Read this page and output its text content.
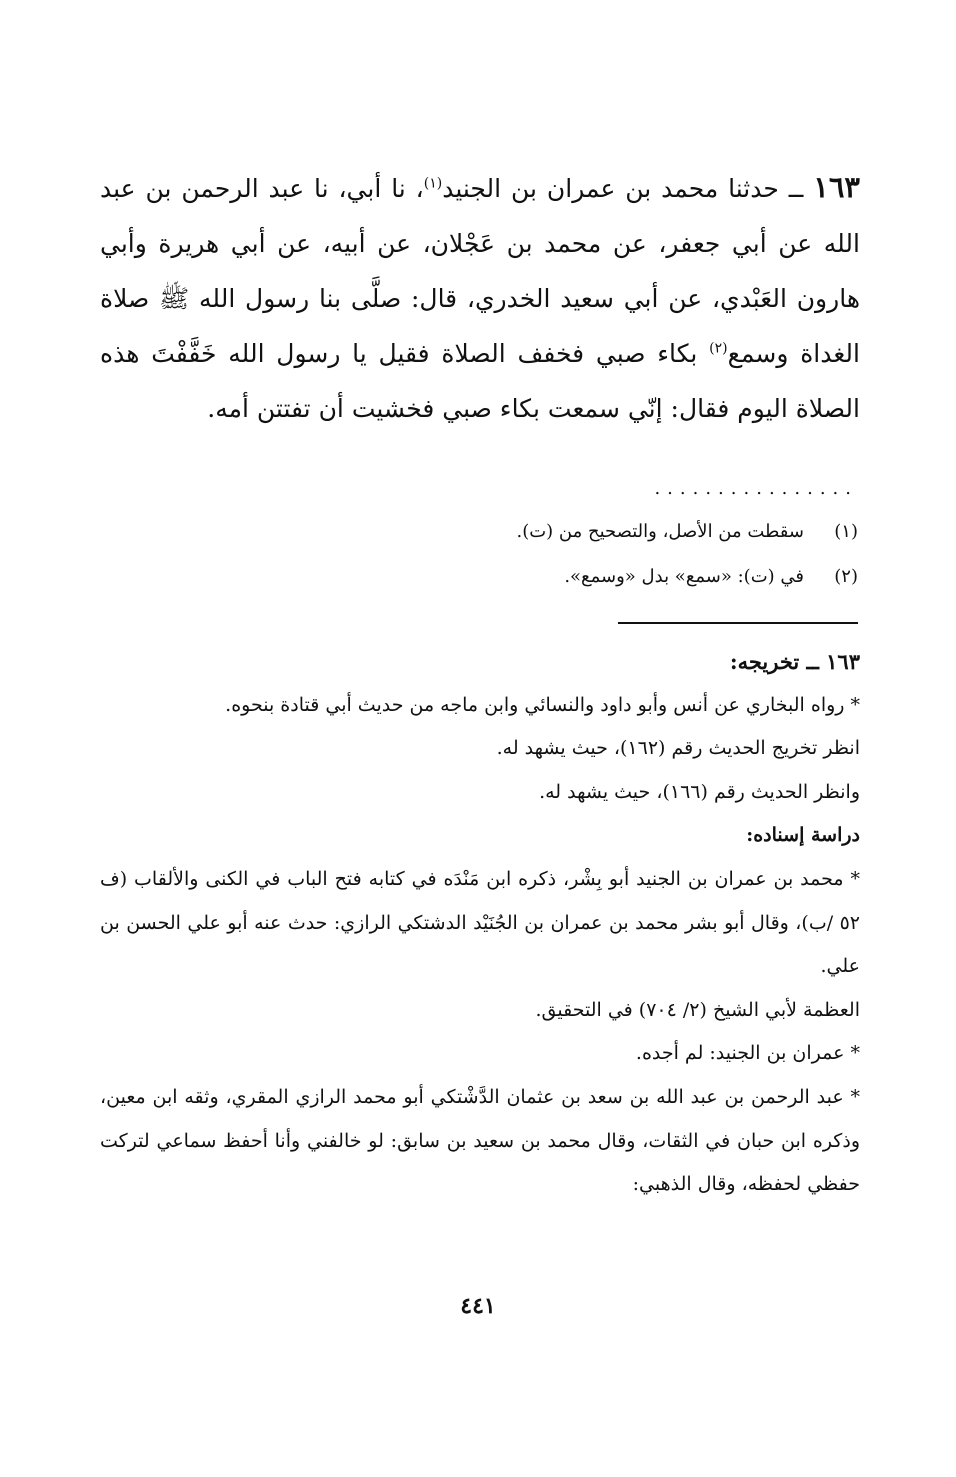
١٦٣ ــ حدثنا محمد بن عمران بن الجنيد$^{(١)}$، نا أبي، نا عبد الرحمن بن عبد الله عن أبي جعفر، عن محمد بن عَجْلان، عن أبيه، عن أبي هريرة وأبي هارون العَبْدي، عن أبي سعيد الخدري، قال: صلَّى بنا رسول الله ﷺ صلاة الغداة وسمع$^{(٢)}$ بكاء صبي فخفف الصلاة فقيل يا رسول الله خَفَّفْتَ هذه الصلاة اليوم فقال: إنّي سمعت بكاء صبي فخشيت أن تفتتن أمه.
................
(١)
سقطت من الأصل، والتصحيح من (ت).
(٢)
في (ت): «سمع» بدل «وسمع».

١٦٣ ــ تخريجه:

* رواه البخاري عن أنس وأبو داود والنسائي وابن ماجه من حديث أبي قتادة بنحوه.

انظر تخريج الحديث رقم (١٦٢)، حيث يشهد له.

وانظر الحديث رقم (١٦٦)، حيث يشهد له.

دراسة إسناده:

* محمد بن عمران بن الجنيد أبو بِشْر، ذكره ابن مَنْدَه في كتابه فتح الباب في الكنى والألقاب (ف ٥٢ /ب)، وقال أبو بشر محمد بن عمران بن الجُنَيْد الدشتكي الرازي: حدث عنه أبو علي الحسن بن علي.

العظمة لأبي الشيخ (٢/ ٧٠٤) في التحقيق.

* عمران بن الجنيد: لم أجده.

* عبد الرحمن بن عبد الله بن سعد بن عثمان الدَّشْتكي أبو محمد الرازي المقري، وثقه ابن معين، وذكره ابن حبان في الثقات، وقال محمد بن سعيد بن سابق: لو خالفني وأنا أحفظ سماعي لتركت حفظي لحفظه، وقال الذهبي:

٤٤١
